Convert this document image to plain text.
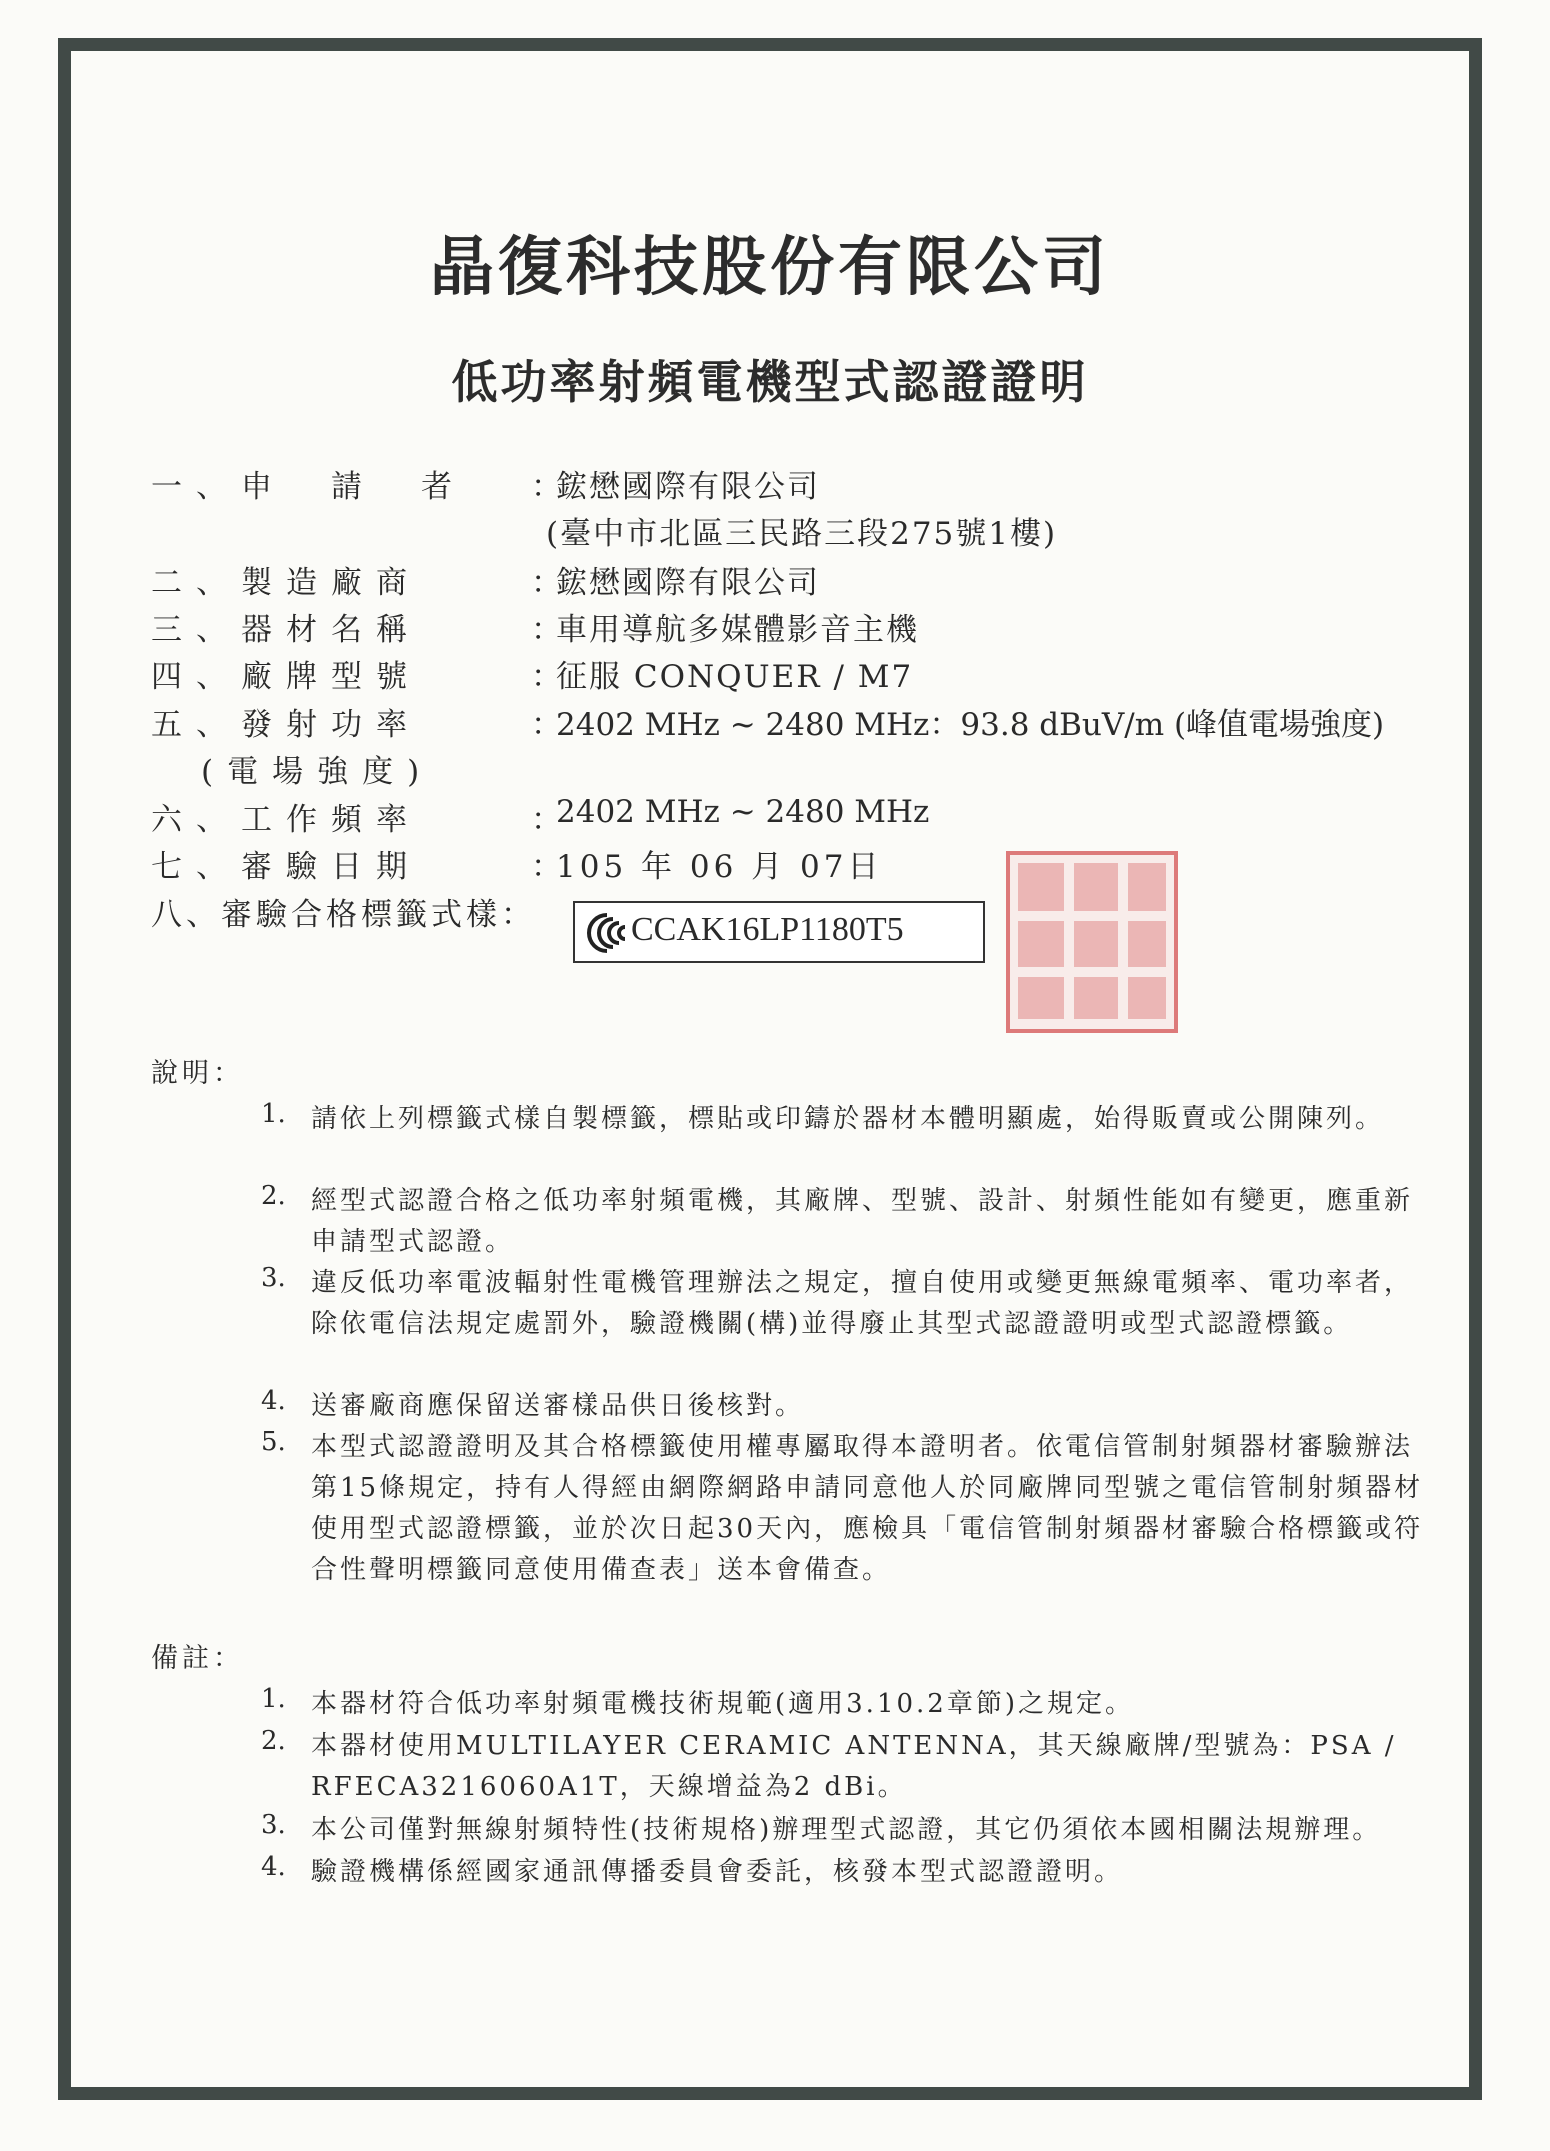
晶復科技股份有限公司
低功率射頻電機型式認證證明
一、申　請　者	：
鋐懋國際有限公司
(臺中市北區三民路三段275號1樓)
二、製造廠商	：
鋐懋國際有限公司
三、器材名稱	：
車用導航多媒體影音主機
四、廠牌型號	：
征服 CONQUER / M7
五、發射功率	：
2402 MHz ~ 2480 MHz：93.8 dBuV/m (峰值電場強度)
(電場強度)
六、工作頻率	：
2402 MHz ~ 2480 MHz
七、審驗日期	：
105 年 06 月 07日
八、審驗合格標籤式樣：	CCAK16LP1180T5
說明：
1. 請依上列標籤式樣自製標籤，標貼或印鑄於器材本體明顯處，始得販賣或公開陳列。
2. 經型式認證合格之低功率射頻電機，其廠牌、型號、設計、射頻性能如有變更，應重新申請型式認證。
3. 違反低功率電波輻射性電機管理辦法之規定，擅自使用或變更無線電頻率、電功率者，除依電信法規定處罰外，驗證機關(構)並得廢止其型式認證證明或型式認證標籤。
4. 送審廠商應保留送審樣品供日後核對。
5. 本型式認證證明及其合格標籤使用權專屬取得本證明者。依電信管制射頻器材審驗辦法第15條規定，持有人得經由網際網路申請同意他人於同廠牌同型號之電信管制射頻器材使用型式認證標籤，並於次日起30天內，應檢具「電信管制射頻器材審驗合格標籤或符合性聲明標籤同意使用備查表」送本會備查。
備註：
1. 本器材符合低功率射頻電機技術規範(適用3.10.2章節)之規定。
2. 本器材使用MULTILAYER CERAMIC ANTENNA，其天線廠牌/型號為：PSA / RFECA3216060A1T，天線增益為2 dBi。
3. 本公司僅對無線射頻特性(技術規格)辦理型式認證，其它仍須依本國相關法規辦理。
4. 驗證機構係經國家通訊傳播委員會委託，核發本型式認證證明。
